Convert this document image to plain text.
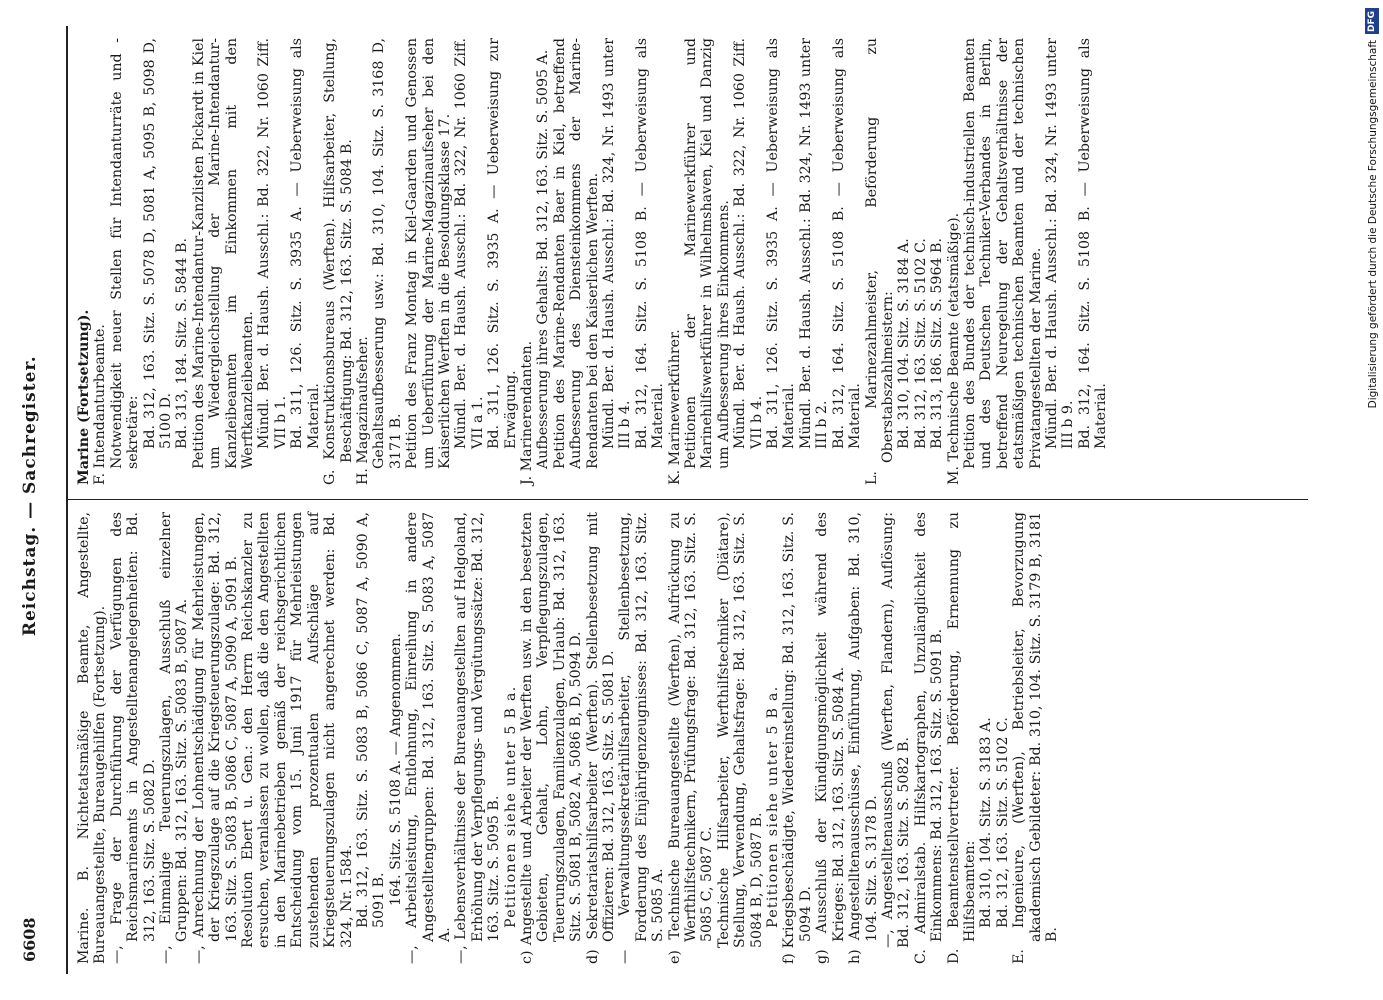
6608
Reichstag. — Sachregister.
Marine. B. Nichtetatsmäßige Beamte, Angestellte, Bureauangestellte, Bureaugehilfen (Fortsetzung). —, Frage der Durchführung der Verfügungen des Reichsmarineamts in Angestelltenangelegenheiten: Bd. 312, 163. Sitz. S. 5082 D. —, Einmalige Teuerungszulagen, Ausschluß einzelner Gruppen: Bd. 312, 163. Sitz. S. 5083 B, 5087 A. —, Anrechnung der Lohnentschädigung für Mehrleistungen, der Kriegszulage auf die Kriegsteuerungszulage: Bd. 312, 163. Sitz. S. 5083 B, 5086 C, 5087 A, 5090 A, 5091 B. Resolution Ebert u. Gen.: den Herrn Reichskanzler zu ersuchen, veranlassen zu wollen, daß die den Angestellten in den Marinebetrieben gemäß der reichsgerichtlichen Entscheidung vom 15. Juni 1917 für Mehrleistungen zustehenden prozentualen Aufschläge auf Kriegsteuerungszulagen nicht angerechnet werden: Bd. 324, Nr. 1584. Bd. 312, 163. Sitz. S. 5083 B, 5086 C, 5087 A, 5090 A, 5091 B. 164. Sitz. S. 5108 A. — Angenommen. —, Arbeitsleistung, Entlohnung, Einreihung in andere Angestelltengruppen: Bd. 312, 163. Sitz. S. 5083 A, 5087 A. —, Lebensverhältnisse der Bureauangestellten auf Helgoland, Erhöhung der Verpflegungs- und Vergütungssätze: Bd. 312, 163. Sitz. S. 5095 B. Petitionen siehe unter 5 B a. c) Angestellte und Arbeiter der Werften usw. in den besetzten Gebieten, Gehalt, Lohn, Verpflegungszulagen, Teuerungszulagen, Familienzulagen, Urlaub: Bd. 312, 163. Sitz. S. 5081 B, 5082 A, 5086 B, D, 5094 D. d) Sekretariatshilfsarbeiter (Werften). Stellenbesetzung mit Offizieren: Bd. 312, 163. Sitz. S. 5081 D. — Verwaltungssekretärhilfsarbeiter, Stellenbesetzung, Forderung des Einjährigenzeugnisses: Bd. 312, 163. Sitz. S. 5085 A. e) Technische Bureauangestellte (Werften), Aufrückung zu Werfthilfstechnikern, Prüfungsfrage: Bd. 312, 163. Sitz. S. 5085 C, 5087 C. Technische Hilfsarbeiter, Werfthilfstechniker (Diätare), Stellung, Verwendung, Gehaltsfrage: Bd. 312, 163. Sitz. S. 5084 B, D, 5087 B. Petitionen siehe unter 5 B a. f) Kriegsbeschädigte, Wiedereinstellung: Bd. 312, 163. Sitz. S. 5094 D. g) Ausschluß der Kündigungsmöglichkeit während des Krieges: Bd. 312, 163. Sitz. S. 5084 A. h) Angestelltenausschüsse, Einführung, Aufgaben: Bd. 310, 104. Sitz. S. 3178 D. —, Angestelltenausschuß (Werften, Flandern), Auflösung: Bd. 312, 163. Sitz. S. 5082 B. C. Admiralstab. Hilfskartographen, Unzulänglichkeit des Einkommens: Bd. 312, 163. Sitz. S. 5091 B. D. Beamtenstellvertreter. Beförderung, Ernennung zu Hilfsbeamten: Bd. 310, 104. Sitz. S. 3183 A. Bd. 312, 163. Sitz. S. 5102 C. E. Ingenieure, (Werften), Betriebsleiter, Bevorzugung akademisch Gebildeter: Bd. 310, 104. Sitz. S. 3179 B, 3181 B.
Marine (Fortsetzung). F. Intendanturbeamte. Notwendigkeit neuer Stellen für Intendanturräte und -sekretäre: Bd. 312, 163. Sitz. S. 5078 D, 5081 A, 5095 B, 5098 D, 5100 D. Bd. 313, 184. Sitz. S. 5844 B. Petition des Marine-Intendantur-Kanzlisten Pickardt in Kiel um Wiedergleichstellung der Marine-Intendantur-Kanzleibeamten im Einkommen mit den Werftkanzleibeamten. Mündl. Ber. d. Haush. Ausschl.: Bd. 322, Nr. 1060 Ziff. VII b 1. Bd. 311, 126. Sitz. S. 3935 A. — Ueberweisung als Material. G. Konstruktionsbureaus (Werften). Hilfsarbeiter, Stellung, Beschäftigung: Bd. 312, 163. Sitz. S. 5084 B. H. Magazinaufseher. Gehaltsaufbesserung usw.: Bd. 310, 104. Sitz. S. 3168 D, 3171 B. Petition des Franz Montag in Kiel-Gaarden und Genossen um Ueberführung der Marine-Magazinaufseher bei den Kaiserlichen Werften in die Besoldungsklasse 17. Mündl. Ber. d. Haush. Ausschl.: Bd. 322, Nr. 1060 Ziff. VII a 1. Bd. 311, 126. Sitz. S. 3935 A. — Ueberweisung zur Erwägung. J. Marinerendanten. Aufbesserung ihres Gehalts: Bd. 312, 163. Sitz. S. 5095 A. Petition des Marine-Rendanten Baer in Kiel, betreffend Aufbesserung des Diensteinkommens der Marine-Rendanten bei den Kaiserlichen Werften. Mündl. Ber. d. Haush. Ausschl.: Bd. 324, Nr. 1493 unter III b 4. Bd. 312, 164. Sitz. S. 5108 B. — Ueberweisung als Material. K. Marinewerkführer. Petitionen der Marinewerkführer und Marinehilfswerkführer in Wilhelmshaven, Kiel und Danzig um Aufbesserung ihres Einkommens. Mündl. Ber. d. Haush. Ausschl.: Bd. 322, Nr. 1060 Ziff. VII b 4. Bd. 311, 126. Sitz. S. 3935 A. — Ueberweisung als Material. Mündl. Ber. d. Haush. Ausschl.: Bd. 324, Nr. 1493 unter III b 2. Bd. 312, 164. Sitz. S. 5108 B. — Ueberweisung als Material. L. Marinezahlmeister, Beförderung zu Oberstabszahlmeistern: Bd. 310, 104. Sitz. S. 3184 A. Bd. 312, 163. Sitz. S. 5102 C. Bd. 313, 186. Sitz. S. 5964 B. M. Technische Beamte (etatsmäßige). Petition des Bundes der technisch-industriellen Beamten und des Deutschen Techniker-Verbandes in Berlin, betreffend Neuregelung der Gehaltsverhältnisse der etatsmäßigen technischen Beamten und der technischen Privatangestellten der Marine. Mündl. Ber. d. Haush. Ausschl.: Bd. 324, Nr. 1493 unter III b 9. Bd. 312, 164. Sitz. S. 5108 B. — Ueberweisung als Material.
DFG
Digitalisierung gefördert durch die Deutsche Forschungsgemeinschaft
